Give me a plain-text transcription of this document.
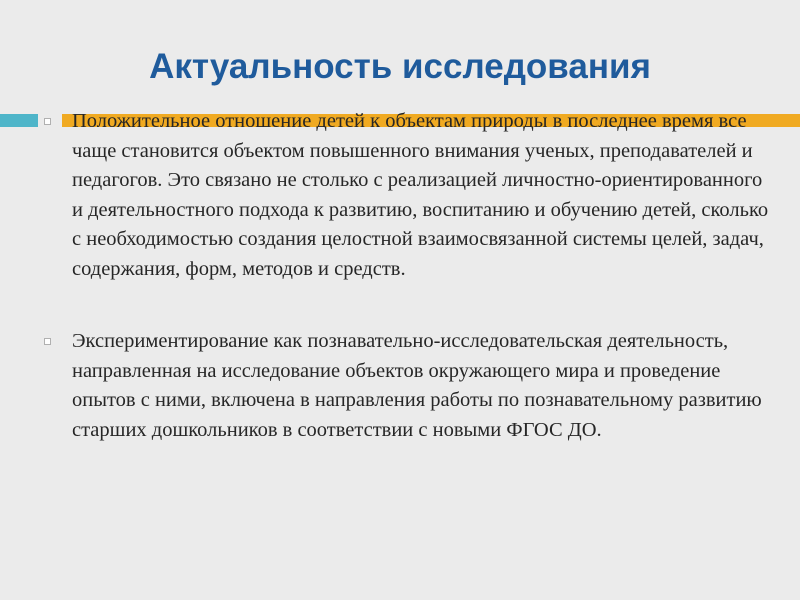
Актуальность исследования
Положительное отношение детей к объектам природы в последнее время все чаще становится объектом повышенного внимания ученых, преподавателей и педагогов. Это связано не столько с реализацией личностно-ориентированного и деятельностного подхода к развитию, воспитанию и обучению детей, сколько с необходимостью создания целостной взаимосвязанной системы целей, задач, содержания, форм, методов и средств.
Экспериментирование как познавательно-исследовательская деятельность, направленная на исследование объектов окружающего мира и проведение опытов с ними, включена в направления работы по познавательному развитию старших дошкольников в соответствии с новыми ФГОС ДО.
